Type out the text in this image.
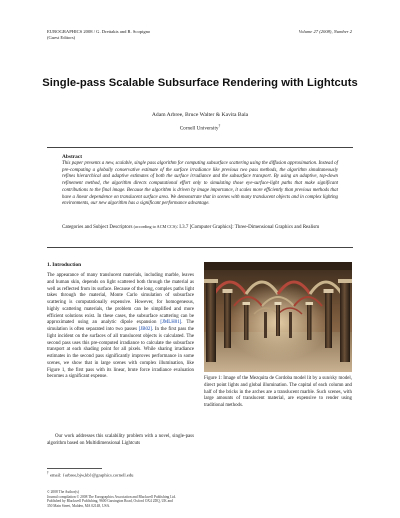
EUROGRAPHICS 2008 / G. Drettakis and R. Scopigno
(Guest Editors)
Volume 27 (2008), Number 2
Single-pass Scalable Subsurface Rendering with Lightcuts
Adam Arbree, Bruce Walter & Kavita Bala
Cornell University†
Abstract
This paper presents a new, scalable, single pass algorithm for computing subsurface scattering using the diffusion approximation. Instead of pre-computing a globally conservative estimate of the surface irradiance like previous two pass methods, the algorithm simultaneously refines hierarchical and adaptive estimates of both the surface irradiance and the subsurface transport. By using an adaptive, top-down refinement method, the algorithm directs computational effort only to simulating those eye-surface-light paths that make significant contributions to the final image. Because the algorithm is driven by image importance, it scales more efficiently than previous methods that have a linear dependence on translucent surface area. We demonstrate that in scenes with many translucent objects and in complex lighting environments, our new algorithm has a significant performance advantage.
Categories and Subject Descriptors (according to ACM CCS): I.3.7 [Computer Graphics]: Three-Dimensional Graphics and Realism
1. Introduction
The appearance of many translucent materials, including marble, leaves and human skin, depends on light scattered both through the material as well as reflected from its surface. Because of the long, complex paths light takes through the material, Monte Carlo simulation of subsurface scattering is computationally expensive. However, for homogeneous, highly scattering materials, the problem can be simplified and more efficient solutions exist. In these cases, the subsurface scattering can be approximated using an analytic dipole expansion [JMLH01]. The simulation is often separated into two passes [JB02]. In the first pass the light incident on the surfaces of all translucent objects is calculated. The second pass uses this pre-computed irradiance to calculate the subsurface transport at each shading point for all pixels. While sharing irradiance estimates in the second pass significantly improves performance in some scenes, we show that in large scenes with complex illumination, like Figure 1, the first pass with its linear, brute force irradiance evaluation becomes a significant expense.
Our work addresses this scalability problem with a novel, single-pass algorithm based on Multidimensional Lightcuts
† email: {arbree,bjw,kb}@graphics.cornell.edu
© 2008 The Author(s)
Journal compilation © 2008 The Eurographics Association and Blackwell Publishing Ltd.
Published by Blackwell Publishing, 9600 Garsington Road, Oxford OX4 2DQ, UK and
350 Main Street, Malden, MA 02148, USA.
Figure 1: Image of the Mezquita de Cordoba model lit by a sun/sky model, direct point lights and global illumination. The capital of each column and half of the bricks in the arches are a translucent marble. Such scenes, with large amounts of translucent material, are expensive to render using traditional methods.
